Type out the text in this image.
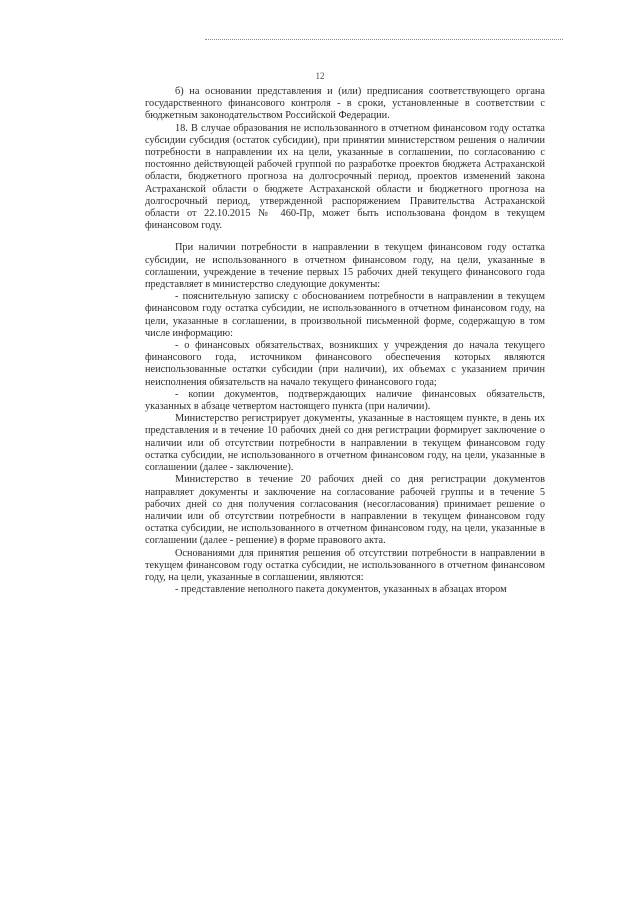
12

б) на основании представления и (или) предписания соответствующего органа государственного финансового контроля - в сроки, установленные в соответствии с бюджетным законодательством Российской Федерации.

18. В случае образования не использованного в отчетном финансовом году остатка субсидии субсидия (остаток субсидии), при принятии министерством решения о наличии потребности в направлении их на цели, указанные в соглашении, по согласованию с постоянно действующей рабочей группой по разработке проектов бюджета Астраханской области, бюджетного прогноза на долгосрочный период, проектов изменений закона Астраханской области о бюджете Астраханской области и бюджетного прогноза на долгосрочный период, утвержденной распоряжением Правительства Астраханской области от 22.10.2015 № 460-Пр, может быть использована фондом в текущем финансовом году.

При наличии потребности в направлении в текущем финансовом году остатка субсидии, не использованного в отчетном финансовом году, на цели, указанные в соглашении, учреждение в течение первых 15 рабочих дней текущего финансового года представляет в министерство следующие документы:

- пояснительную записку с обоснованием потребности в направлении в текущем финансовом году остатка субсидии, не использованного в отчетном финансовом году, на цели, указанные в соглашении, в произвольной письменной форме, содержащую в том числе информацию:

- о финансовых обязательствах, возникших у учреждения до начала текущего финансового года, источником финансового обеспечения которых являются неиспользованные остатки субсидии (при наличии), их объемах с указанием причин неисполнения обязательств на начало текущего финансового года;

- копии документов, подтверждающих наличие финансовых обязательств, указанных в абзаце четвертом настоящего пункта (при наличии).

Министерство регистрирует документы, указанные в настоящем пункте, в день их представления и в течение 10 рабочих дней со дня регистрации формирует заключение о наличии или об отсутствии потребности в направлении в текущем финансовом году остатка субсидии, не использованного в отчетном финансовом году, на цели, указанные в соглашении (далее - заключение).

Министерство в течение 20 рабочих дней со дня регистрации документов направляет документы и заключение на согласование рабочей группы и в течение 5 рабочих дней со дня получения согласования (несогласования) принимает решение о наличии или об отсутствии потребности в направлении в текущем финансовом году остатка субсидии, не использованного в отчетном финансовом году, на цели, указанные в соглашении (далее - решение) в форме правового акта.

Основаниями для принятия решения об отсутствии потребности в направлении в текущем финансовом году остатка субсидии, не использованного в отчетном финансовом году, на цели, указанные в соглашении, являются:

- представление неполного пакета документов, указанных в абзацах втором
